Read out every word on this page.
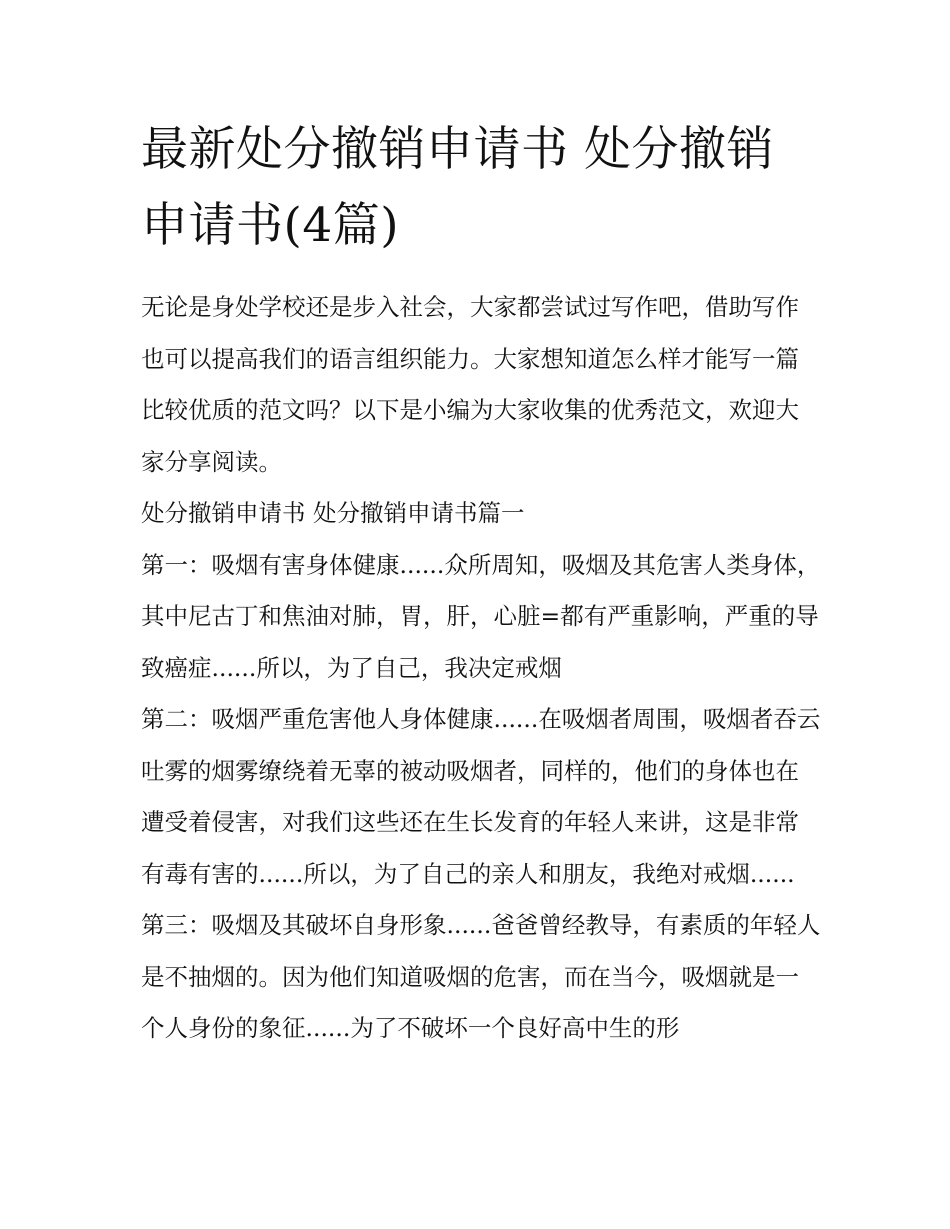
最新处分撤销申请书 处分撤销申请书(4篇)

无论是身处学校还是步入社会，大家都尝试过写作吧，借助写作也可以提高我们的语言组织能力。大家想知道怎么样才能写一篇比较优质的范文吗？以下是小编为大家收集的优秀范文，欢迎大家分享阅读。

处分撤销申请书 处分撤销申请书篇一

第一：吸烟有害身体健康......众所周知，吸烟及其危害人类身体，其中尼古丁和焦油对肺，胃，肝，心脏=都有严重影响，严重的导致癌症......所以，为了自己，我决定戒烟

第二：吸烟严重危害他人身体健康......在吸烟者周围，吸烟者吞云吐雾的烟雾缭绕着无辜的被动吸烟者，同样的，他们的身体也在遭受着侵害，对我们这些还在生长发育的年轻人来讲，这是非常有毒有害的......所以，为了自己的亲人和朋友，我绝对戒烟......

第三：吸烟及其破坏自身形象......爸爸曾经教导，有素质的年轻人是不抽烟的。因为他们知道吸烟的危害，而在当今，吸烟就是一个人身份的象征......为了不破坏一个良好高中生的形
